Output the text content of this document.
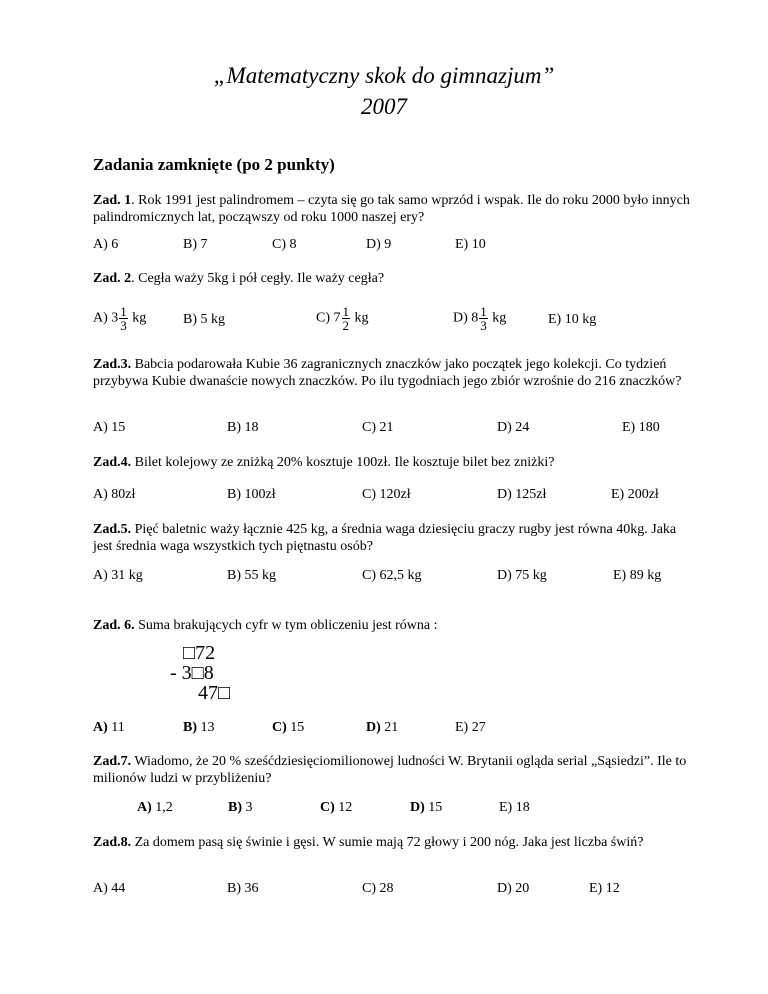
„Matematyczny skok do gimnazjum”
2007
Zadania zamknięte (po 2 punkty)
Zad. 1. Rok 1991 jest palindromem – czyta się go tak samo wprzód i wspak. Ile do roku 2000 było innych palindromicznych lat, począwszy od roku 1000 naszej ery?
A) 6	B) 7	C) 8	D) 9	E) 10
Zad. 2. Cegła waży 5kg i pół cegły. Ile waży cegła?
A) $3 \frac{1}{3}$ kg	B) 5 kg	C) $7 \frac{1}{2}$ kg	D) $8 \frac{1}{3}$ kg	E) 10 kg
Zad.3. Babcia podarowała Kubie 36 zagranicznych znaczków jako początek jego kolekcji. Co tydzień przybywa Kubie dwanaście nowych znaczków. Po ilu tygodniach jego zbiór wzrośnie do 216 znaczków?
A) 15	B) 18	C) 21	D) 24	E) 180
Zad.4. Bilet kolejowy ze zniżką 20% kosztuje 100zł. Ile kosztuje bilet bez zniżki?
A) 80zł	B) 100zł	C) 120zł	D) 125zł	E) 200zł
Zad.5. Pięć baletnic waży łącznie 425 kg, a średnia waga dziesięciu graczy rugby jest równa 40kg. Jaka jest średnia waga wszystkich tych piętnastu osób?
A) 31 kg	B) 55 kg	C) 62,5 kg	D) 75 kg	E) 89 kg
Zad. 6. Suma brakujących cyfr w tym obliczeniu jest równa :
□72
- 3□8
47□
A) 11	B) 13	C) 15	D) 21	E) 27
Zad.7. Wiadomo, że 20 % sześćdziesięciomilionowej ludności W. Brytanii ogląda serial „Sąsiedzi”. Ile to milionów ludzi w przybliżeniu?
A) 1,2	B) 3	C) 12	D) 15	E) 18
Zad.8. Za domem pasą się świnie i gęsi. W sumie mają 72 głowy i 200 nóg. Jaka jest liczba świń?
A) 44	B) 36	C) 28	D) 20	E) 12
